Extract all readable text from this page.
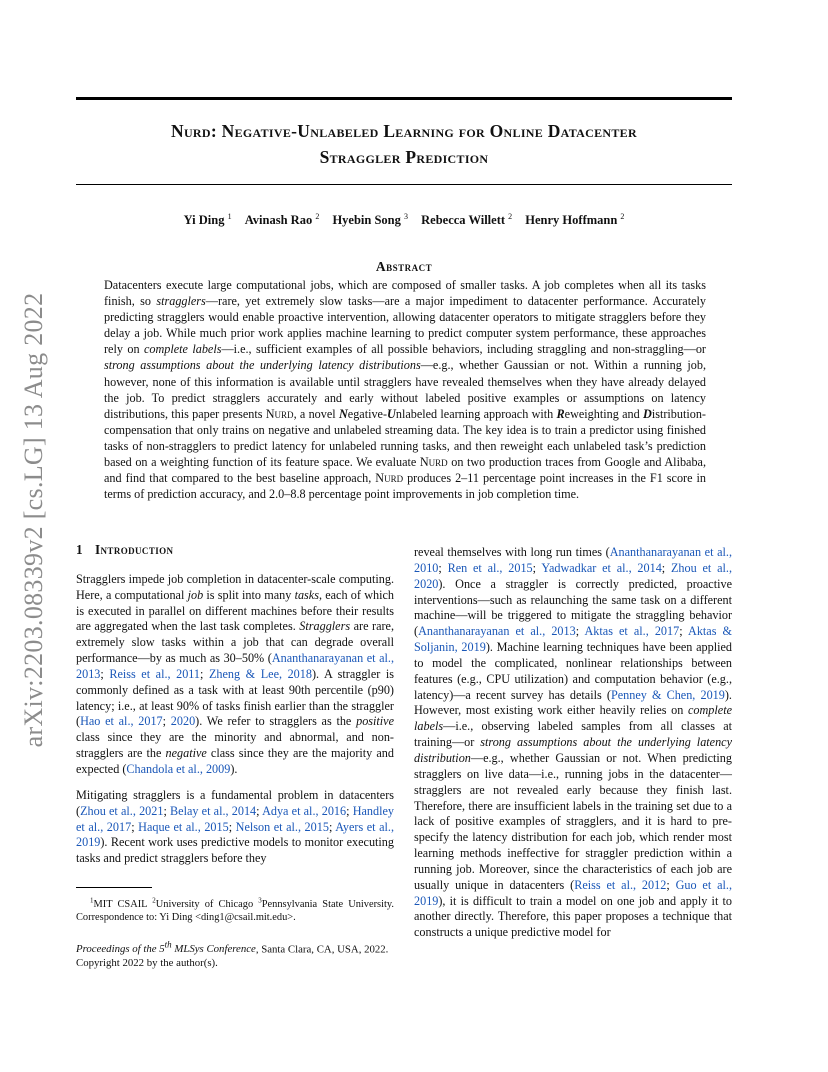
Nurd: Negative-Unlabeled Learning for Online Datacenter
Straggler Prediction
Yi Ding $^1$ Avinash Rao $^2$ Hyebin Song $^3$ Rebecca Willett $^2$ Henry Hoffmann $^2$
Abstract

Datacenters execute large computational jobs, which are composed of smaller tasks. A job completes when all its tasks finish, so stragglers—rare, yet extremely slow tasks—are a major impediment to datacenter performance. Accurately predicting stragglers would enable proactive intervention, allowing datacenter operators to mitigate stragglers before they delay a job. While much prior work applies machine learning to predict computer system performance, these approaches rely on complete labels—i.e., sufficient examples of all possible behaviors, including straggling and non-straggling—or strong assumptions about the underlying latency distributions—e.g., whether Gaussian or not. Within a running job, however, none of this information is available until stragglers have revealed themselves when they have already delayed the job. To predict stragglers accurately and early without labeled positive examples or assumptions on latency distributions, this paper presents Nurd, a novel Negative-Unlabeled learning approach with Reweighting and Distribution-compensation that only trains on negative and unlabeled streaming data. The key idea is to train a predictor using finished tasks of non-stragglers to predict latency for unlabeled running tasks, and then reweight each unlabeled task’s prediction based on a weighting function of its feature space. We evaluate Nurd on two production traces from Google and Alibaba, and find that compared to the best baseline approach, Nurd produces 2–11 percentage point increases in the F1 score in terms of prediction accuracy, and 2.0–8.8 percentage point improvements in job completion time.

arXiv:2203.08339v2 [cs.LG] 13 Aug 2022 1 Introduction

Stragglers impede job completion in datacenter-scale computing. Here, a computational job is split into many tasks, each of which is executed in parallel on different machines before their results are aggregated when the last task completes. Stragglers are rare, extremely slow tasks within a job that can degrade overall performance—by as much as 30–50% (Ananthanarayanan et al., 2013; Reiss et al., 2011; Zheng & Lee, 2018). A straggler is commonly defined as a task with at least 90th percentile (p90) latency; i.e., at least 90% of tasks finish earlier than the straggler (Hao et al., 2017; 2020). We refer to stragglers as the positive class since they are the minority and abnormal, and non-stragglers are the negative class since they are the majority and expected (Chandola et al., 2009).

Mitigating stragglers is a fundamental problem in datacenters (Zhou et al., 2021; Belay et al., 2014; Adya et al., 2016; Handley et al., 2017; Haque et al., 2015; Nelson et al., 2015; Ayers et al., 2019). Recent work uses predictive models to monitor executing tasks and predict stragglers before they

$^1$MIT CSAIL $^2$University of Chicago $^3$Pennsylvania State University. Correspondence to: Yi Ding <ding1@csail.mit.edu>.

Proceedings of the 5th MLSys Conference, Santa Clara, CA, USA, 2022. Copyright 2022 by the author(s).

reveal themselves with long run times (Ananthanarayanan et al., 2010; Ren et al., 2015; Yadwadkar et al., 2014; Zhou et al., 2020). Once a straggler is correctly predicted, proactive interventions—such as relaunching the same task on a different machine—will be triggered to mitigate the straggling behavior (Ananthanarayanan et al., 2013; Aktas et al., 2017; Aktas & Soljanin, 2019). Machine learning techniques have been applied to model the complicated, nonlinear relationships between features (e.g., CPU utilization) and computation behavior (e.g., latency)—a recent survey has details (Penney & Chen, 2019). However, most existing work either heavily relies on complete labels—i.e., observing labeled samples from all classes at training—or strong assumptions about the underlying latency distribution—e.g., whether Gaussian or not. When predicting stragglers on live data—i.e., running jobs in the datacenter—stragglers are not revealed early because they finish last. Therefore, there are insufficient labels in the training set due to a lack of positive examples of stragglers, and it is hard to pre-specify the latency distribution for each job, which render most learning methods ineffective for straggler prediction within a running job. Moreover, since the characteristics of each job are usually unique in datacenters (Reiss et al., 2012; Guo et al., 2019), it is difficult to train a model on one job and apply it to another directly. Therefore, this paper proposes a technique that constructs a unique predictive model for
